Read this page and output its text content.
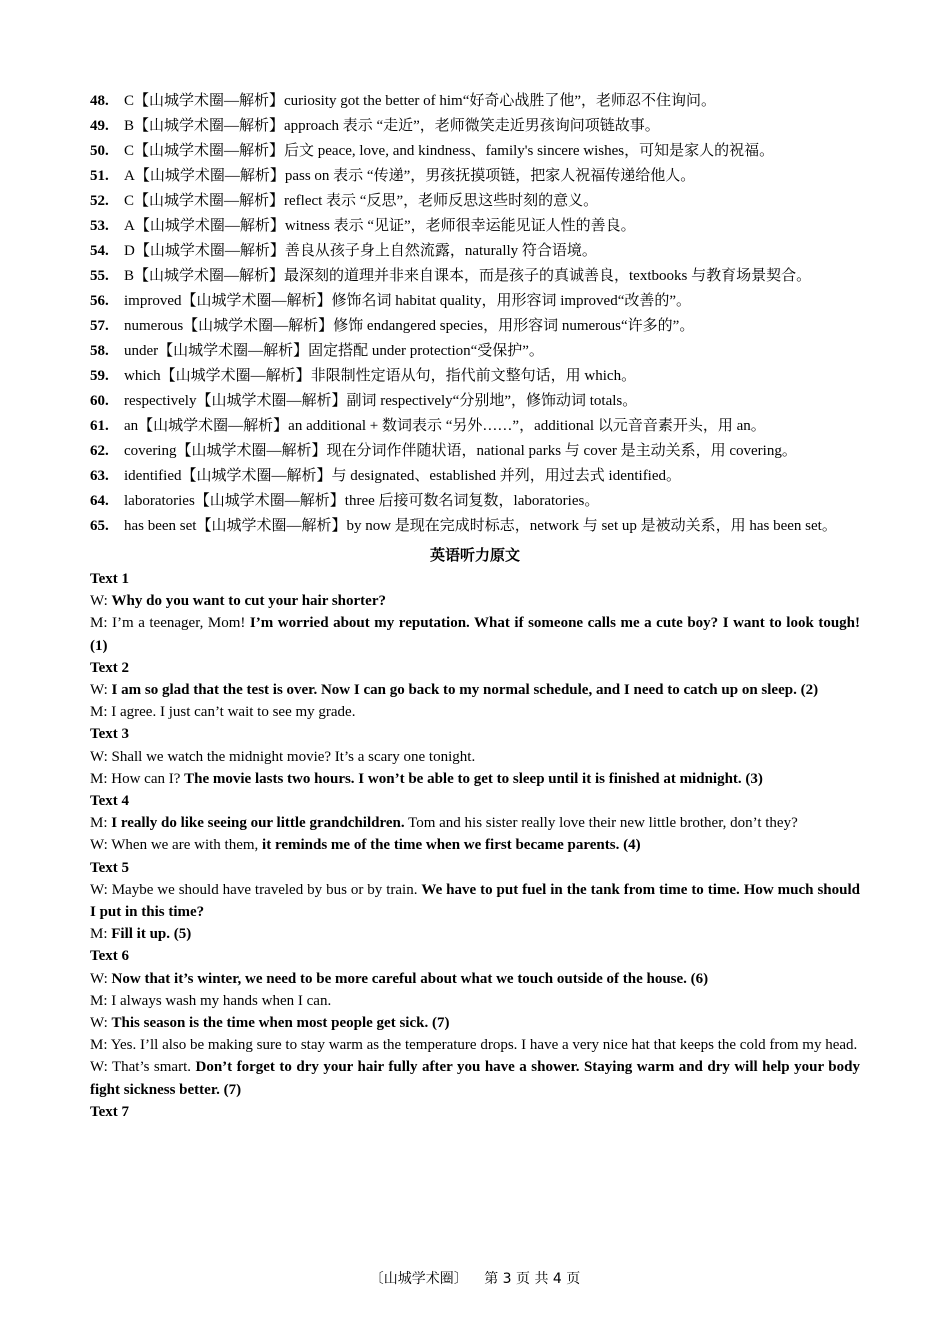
48.	C【山城学术圈—解析】curiosity got the better of him“好奇心战胜了他”，老师忍不住询问。
49.	B【山城学术圈—解析】approach 表示 “走近”，老师微笑走近男孩询问项链故事。
50.	C【山城学术圈—解析】后文 peace, love, and kindness、family's sincere wishes，可知是家人的祝福。
51.	A【山城学术圈—解析】pass on 表示 “传递”，男孩抚摸项链，把家人祝福传递给他人。
52.	C【山城学术圈—解析】reflect 表示 “反思”，老师反思这些时刻的意义。
53.	A【山城学术圈—解析】witness 表示 “见证”，老师很幸运能见证人性的善良。
54.	D【山城学术圈—解析】善良从孩子身上自然流露，naturally 符合语境。
55.	B【山城学术圈—解析】最深刻的道理并非来自课本，而是孩子的真诚善良，textbooks 与教育场景契合。
56.	improved【山城学术圈—解析】修饰名词 habitat quality，用形容词 improved“改善的”。
57.	numerous【山城学术圈—解析】修饰 endangered species，用形容词 numerous“许多的”。
58.	under【山城学术圈—解析】固定搭配 under protection“受保护”。
59.	which【山城学术圈—解析】非限制性定语从句，指代前文整句话，用 which。
60.	respectively【山城学术圈—解析】副词 respectively“分别地”，修饰动词 totals。
61.	an【山城学术圈—解析】an additional + 数词表示 “另外……”，additional 以元音音素开头，用 an。
62.	covering【山城学术圈—解析】现在分词作伴随状语，national parks 与 cover 是主动关系，用 covering。
63.	identified【山城学术圈—解析】与 designated、established 并列，用过去式 identified。
64.	laboratories【山城学术圈—解析】three 后接可数名词复数，laboratories。
65.	has been set【山城学术圈—解析】by now 是现在完成时标志，network 与 set up 是被动关系，用 has been set。
英语听力原文
Text 1
W: Why do you want to cut your hair shorter?
M: I’m a teenager, Mom! I’m worried about my reputation. What if someone calls me a cute boy? I want to look tough! (1)
Text 2
W: I am so glad that the test is over. Now I can go back to my normal schedule, and I need to catch up on sleep. (2)
M: I agree. I just can’t wait to see my grade.
Text 3
W: Shall we watch the midnight movie? It’s a scary one tonight.
M: How can I? The movie lasts two hours. I won’t be able to get to sleep until it is finished at midnight. (3)
Text 4
M: I really do like seeing our little grandchildren. Tom and his sister really love their new little brother, don’t they?
W: When we are with them, it reminds me of the time when we first became parents. (4)
Text 5
W: Maybe we should have traveled by bus or by train. We have to put fuel in the tank from time to time. How much should I put in this time?
M: Fill it up. (5)
Text 6
W: Now that it’s winter, we need to be more careful about what we touch outside of the house. (6)
M: I always wash my hands when I can.
W: This season is the time when most people get sick. (7)
M: Yes. I’ll also be making sure to stay warm as the temperature drops. I have a very nice hat that keeps the cold from my head.
W: That’s smart. Don’t forget to dry your hair fully after you have a shower. Staying warm and dry will help your body fight sickness better. (7)
Text 7
〔山城学术圈〕 第 3 页 共 4 页
